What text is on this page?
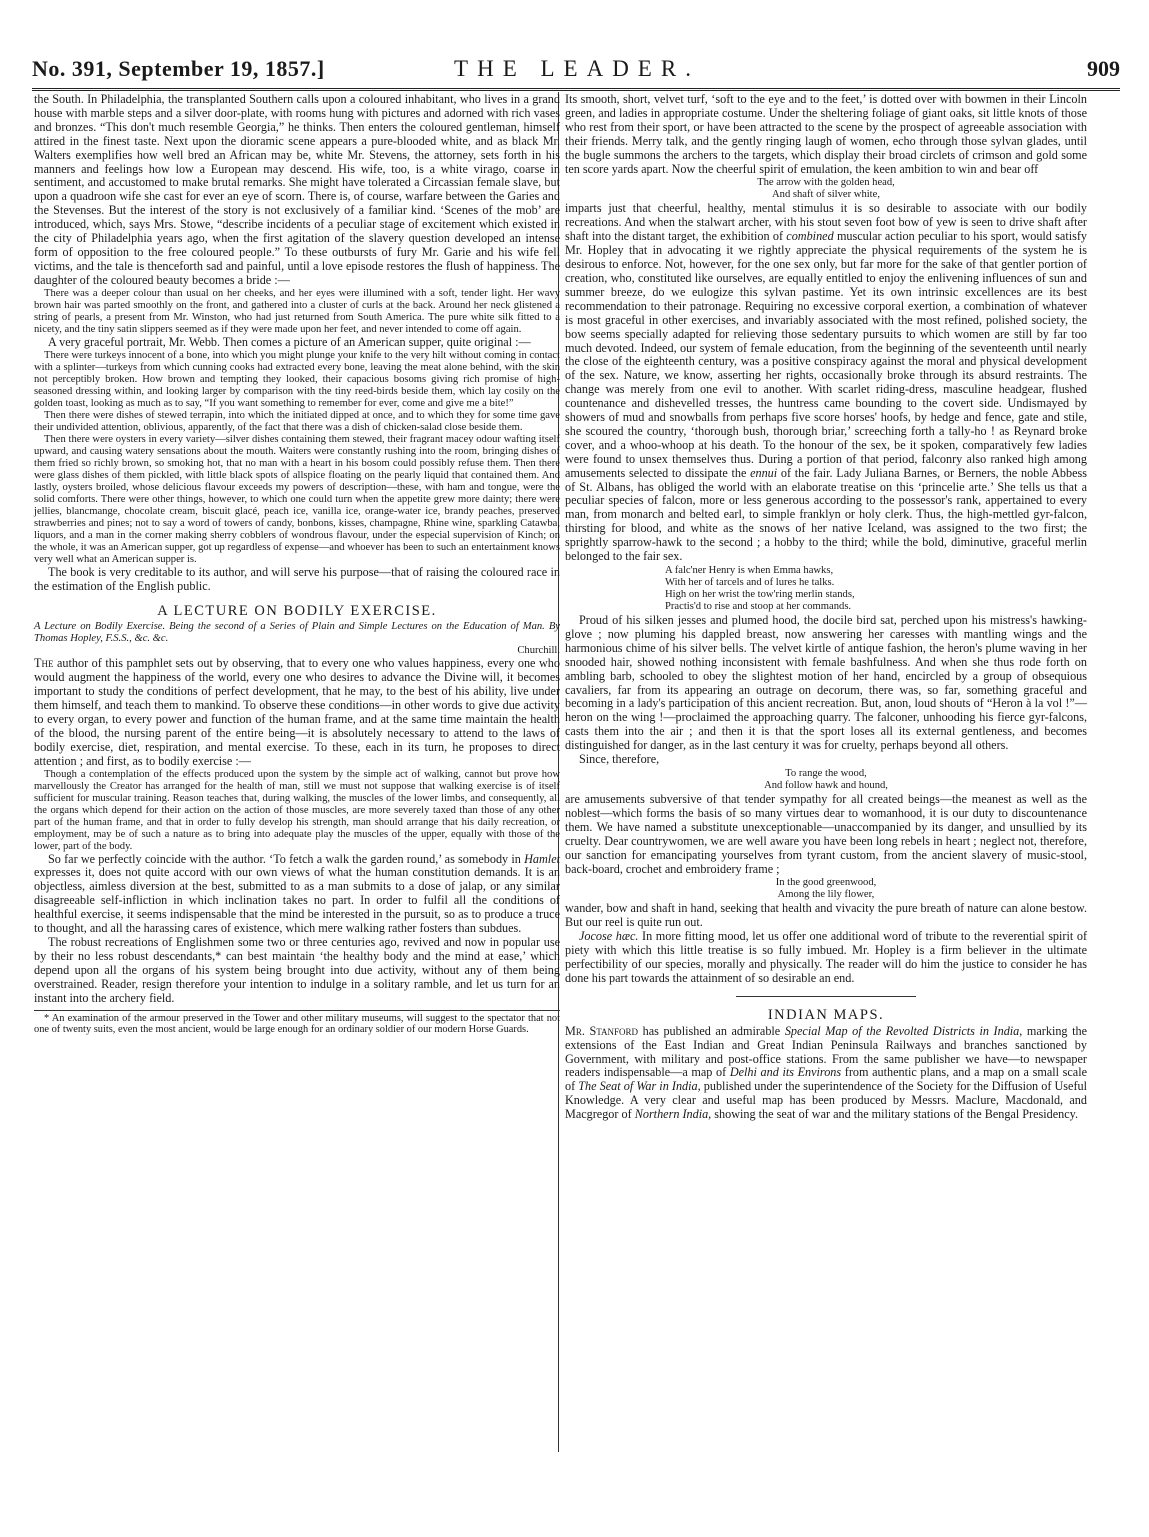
No. 391, September 19, 1857.]	THE LEADER.	909

the South. In Philadelphia, the transplanted Southern calls upon a coloured inhabitant, who lives in a grand house with marble steps and a silver door-plate, with rooms hung with pictures and adorned with rich vases and bronzes. “This don't much resemble Georgia,” he thinks. Then enters the coloured gentleman, himself attired in the finest taste. Next upon the dioramic scene appears a pure-blooded white, and as black Mr. Walters exemplifies how well bred an African may be, white Mr. Stevens, the attorney, sets forth in his manners and feelings how low a European may descend. His wife, too, is a white virago, coarse in sentiment, and accustomed to make brutal remarks. She might have tolerated a Circassian female slave, but upon a quadroon wife she cast for ever an eye of scorn. There is, of course, warfare between the Garies and the Stevenses. But the interest of the story is not exclusively of a familiar kind. ‘Scenes of the mob’ are introduced, which, says Mrs. Stowe, “describe incidents of a peculiar stage of excitement which existed in the city of Philadelphia years ago, when the first agitation of the slavery question developed an intense form of opposition to the free coloured people.” To these outbursts of fury Mr. Garie and his wife fell victims, and the tale is thenceforth sad and painful, until a love episode restores the flush of happiness. The daughter of the coloured beauty becomes a bride :—

There was a deeper colour than usual on her cheeks, and her eyes were illumined with a soft, tender light. Her wavy brown hair was parted smoothly on the front, and gathered into a cluster of curls at the back. Around her neck glistened a string of pearls, a present from Mr. Winston, who had just returned from South America. The pure white silk fitted to a nicety, and the tiny satin slippers seemed as if they were made upon her feet, and never intended to come off again.

A very graceful portrait, Mr. Webb. Then comes a picture of an American supper, quite original :—

There were turkeys innocent of a bone, into which you might plunge your knife to the very hilt without coming in contact with a splinter—turkeys from which cunning cooks had extracted every bone, leaving the meat alone behind, with the skin not perceptibly broken. How brown and tempting they looked, their capacious bosoms giving rich promise of high-seasoned dressing within, and looking larger by comparison with the tiny reed-birds beside them, which lay cosily on the golden toast, looking as much as to say, “If you want something to remember for ever, come and give me a bite!”

Then there were dishes of stewed terrapin, into which the initiated dipped at once, and to which they for some time gave their undivided attention, oblivious, apparently, of the fact that there was a dish of chicken-salad close beside them.

Then there were oysters in every variety—silver dishes containing them stewed, their fragrant macey odour wafting itself upward, and causing watery sensations about the mouth. Waiters were constantly rushing into the room, bringing dishes of them fried so richly brown, so smoking hot, that no man with a heart in his bosom could possibly refuse them. Then there were glass dishes of them pickled, with little black spots of allspice floating on the pearly liquid that contained them. And lastly, oysters broiled, whose delicious flavour exceeds my powers of description—these, with ham and tongue, were the solid comforts. There were other things, however, to which one could turn when the appetite grew more dainty; there were jellies, blancmange, chocolate cream, biscuit glacé, peach ice, vanilla ice, orange-water ice, brandy peaches, preserved strawberries and pines; not to say a word of towers of candy, bonbons, kisses, champagne, Rhine wine, sparkling Catawba, liquors, and a man in the corner making sherry cobblers of wondrous flavour, under the especial supervision of Kinch; on the whole, it was an American supper, got up regardless of expense—and whoever has been to such an entertainment knows very well what an American supper is.

The book is very creditable to its author, and will serve his purpose—that of raising the coloured race in the estimation of the English public.

A LECTURE ON BODILY EXERCISE.

A Lecture on Bodily Exercise. Being the second of a Series of Plain and Simple Lectures on the Education of Man. By Thomas Hopley, F.S.S., &c. &c.
Churchill.

The author of this pamphlet sets out by observing, that to every one who values happiness, every one who would augment the happiness of the world, every one who desires to advance the Divine will, it becomes important to study the conditions of perfect development, that he may, to the best of his ability, live under them himself, and teach them to mankind. To observe these conditions—in other words to give due activity to every organ, to every power and function of the human frame, and at the same time maintain the health of the blood, the nursing parent of the entire being—it is absolutely necessary to attend to the laws of bodily exercise, diet, respiration, and mental exercise. To these, each in its turn, he proposes to direct attention ; and first, as to bodily exercise :—

Though a contemplation of the effects produced upon the system by the simple act of walking, cannot but prove how marvellously the Creator has arranged for the health of man, still we must not suppose that walking exercise is of itself sufficient for muscular training. Reason teaches that, during walking, the muscles of the lower limbs, and consequently, all the organs which depend for their action on the action of those muscles, are more severely taxed than those of any other part of the human frame, and that in order to fully develop his strength, man should arrange that his daily recreation, or employment, may be of such a nature as to bring into adequate play the muscles of the upper, equally with those of the lower, part of the body.

So far we perfectly coincide with the author. ‘To fetch a walk the garden round,’ as somebody in Hamlet expresses it, does not quite accord with our own views of what the human constitution demands. It is an objectless, aimless diversion at the best, submitted to as a man submits to a dose of jalap, or any similar disagreeable self-infliction in which inclination takes no part. In order to fulfil all the conditions of healthful exercise, it seems indispensable that the mind be interested in the pursuit, so as to produce a truce to thought, and all the harassing cares of existence, which mere walking rather fosters than subdues.

The robust recreations of Englishmen some two or three centuries ago, revived and now in popular use by their no less robust descendants,* can best maintain ‘the healthy body and the mind at ease,’ which depend upon all the organs of his system being brought into due activity, without any of them being overstrained. Reader, resign therefore your intention to indulge in a solitary ramble, and let us turn for an instant into the archery field.

* An examination of the armour preserved in the Tower and other military museums, will suggest to the spectator that not one of twenty suits, even the most ancient, would be large enough for an ordinary soldier of our modern Horse Guards.

Its smooth, short, velvet turf, ‘soft to the eye and to the feet,’ is dotted over with bowmen in their Lincoln green, and ladies in appropriate costume. Under the sheltering foliage of giant oaks, sit little knots of those who rest from their sport, or have been attracted to the scene by the prospect of agreeable association with their friends. Merry talk, and the gently ringing laugh of women, echo through those sylvan glades, until the bugle summons the archers to the targets, which display their broad circlets of crimson and gold some ten score yards apart. Now the cheerful spirit of emulation, the keen ambition to win and bear off

The arrow with the golden head,
And shaft of silver white,

imparts just that cheerful, healthy, mental stimulus it is so desirable to associate with our bodily recreations. And when the stalwart archer, with his stout seven foot bow of yew is seen to drive shaft after shaft into the distant target, the exhibition of combined muscular action peculiar to his sport, would satisfy Mr. Hopley that in advocating it we rightly appreciate the physical requirements of the system he is desirous to enforce. Not, however, for the one sex only, but far more for the sake of that gentler portion of creation, who, constituted like ourselves, are equally entitled to enjoy the enlivening influences of sun and summer breeze, do we eulogize this sylvan pastime. Yet its own intrinsic excellences are its best recommendation to their patronage. Requiring no excessive corporal exertion, a combination of whatever is most graceful in other exercises, and invariably associated with the most refined, polished society, the bow seems specially adapted for relieving those sedentary pursuits to which women are still by far too much devoted. Indeed, our system of female education, from the beginning of the seventeenth until nearly the close of the eighteenth century, was a positive conspiracy against the moral and physical development of the sex. Nature, we know, asserting her rights, occasionally broke through its absurd restraints. The change was merely from one evil to another. With scarlet riding-dress, masculine headgear, flushed countenance and dishevelled tresses, the huntress came bounding to the covert side. Undismayed by showers of mud and snowballs from perhaps five score horses' hoofs, by hedge and fence, gate and stile, she scoured the country, ‘thorough bush, thorough briar,’ screeching forth a tally-ho ! as Reynard broke cover, and a whoo-whoop at his death. To the honour of the sex, be it spoken, comparatively few ladies were found to unsex themselves thus. During a portion of that period, falconry also ranked high among amusements selected to dissipate the ennui of the fair. Lady Juliana Barnes, or Berners, the noble Abbess of St. Albans, has obliged the world with an elaborate treatise on this ‘princelie arte.’ She tells us that a peculiar species of falcon, more or less generous according to the possessor's rank, appertained to every man, from monarch and belted earl, to simple franklyn or holy clerk. Thus, the high-mettled gyr-falcon, thirsting for blood, and white as the snows of her native Iceland, was assigned to the two first; the sprightly sparrow-hawk to the second ; a hobby to the third; while the bold, diminutive, graceful merlin belonged to the fair sex.

A falc'ner Henry is when Emma hawks,
With her of tarcels and of lures he talks.
High on her wrist the tow'ring merlin stands,
Practis'd to rise and stoop at her commands.

Proud of his silken jesses and plumed hood, the docile bird sat, perched upon his mistress's hawking-glove ; now pluming his dappled breast, now answering her caresses with mantling wings and the harmonious chime of his silver bells. The velvet kirtle of antique fashion, the heron's plume waving in her snooded hair, showed nothing inconsistent with female bashfulness. And when she thus rode forth on ambling barb, schooled to obey the slightest motion of her hand, encircled by a group of obsequious cavaliers, far from its appearing an outrage on decorum, there was, so far, something graceful and becoming in a lady's participation of this ancient recreation. But, anon, loud shouts of “Heron à la vol !”—heron on the wing !—proclaimed the approaching quarry. The falconer, unhooding his fierce gyr-falcons, casts them into the air ; and then it is that the sport loses all its external gentleness, and becomes distinguished for danger, as in the last century it was for cruelty, perhaps beyond all others.

Since, therefore,

To range the wood,
And follow hawk and hound,

are amusements subversive of that tender sympathy for all created beings—the meanest as well as the noblest—which forms the basis of so many virtues dear to womanhood, it is our duty to discountenance them. We have named a substitute unexceptionable—unaccompanied by its danger, and unsullied by its cruelty. Dear countrywomen, we are well aware you have been long rebels in heart ; neglect not, therefore, our sanction for emancipating yourselves from tyrant custom, from the ancient slavery of music-stool, back-board, crochet and embroidery frame ;

In the good greenwood,
Among the lily flower,

wander, bow and shaft in hand, seeking that health and vivacity the pure breath of nature can alone bestow. But our reel is quite run out.

Jocose hæc. In more fitting mood, let us offer one additional word of tribute to the reverential spirit of piety with which this little treatise is so fully imbued. Mr. Hopley is a firm believer in the ultimate perfectibility of our species, morally and physically. The reader will do him the justice to consider he has done his part towards the attainment of so desirable an end.

INDIAN MAPS.

Mr. Stanford has published an admirable Special Map of the Revolted Districts in India, marking the extensions of the East Indian and Great Indian Peninsula Railways and branches sanctioned by Government, with military and post-office stations. From the same publisher we have—to newspaper readers indispensable—a map of Delhi and its Environs from authentic plans, and a map on a small scale of The Seat of War in India, published under the superintendence of the Society for the Diffusion of Useful Knowledge. A very clear and useful map has been produced by Messrs. Maclure, Macdonald, and Macgregor of Northern India, showing the seat of war and the military stations of the Bengal Presidency.
